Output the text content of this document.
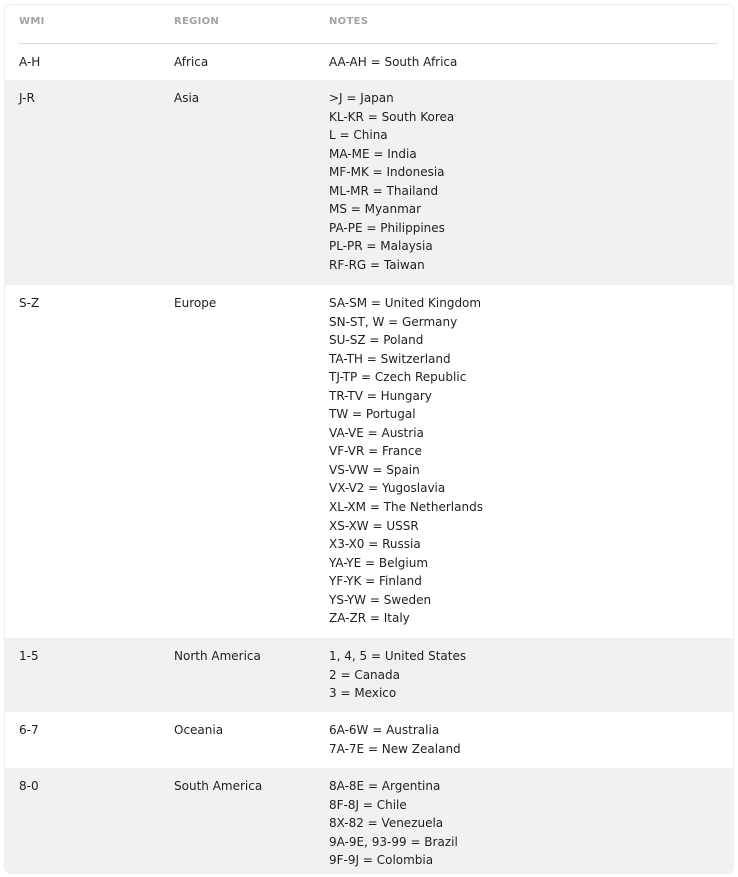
WMI	REGION	NOTES
A-H	Africa	AA-AH = South Africa
J-R	Asia	>J = Japan
KL-KR = South Korea
L = China
MA-ME = India
MF-MK = Indonesia
ML-MR = Thailand
MS = Myanmar
PA-PE = Philippines
PL-PR = Malaysia
RF-RG = Taiwan
S-Z	Europe	SA-SM = United Kingdom
SN-ST, W = Germany
SU-SZ = Poland
TA-TH = Switzerland
TJ-TP = Czech Republic
TR-TV = Hungary
TW = Portugal
VA-VE = Austria
VF-VR = France
VS-VW = Spain
VX-V2 = Yugoslavia
XL-XM = The Netherlands
XS-XW = USSR
X3-X0 = Russia
YA-YE = Belgium
YF-YK = Finland
YS-YW = Sweden
ZA-ZR = Italy
1-5	North America	1, 4, 5 = United States
2 = Canada
3 = Mexico
6-7	Oceania	6A-6W = Australia
7A-7E = New Zealand
8-0	South America	8A-8E = Argentina
8F-8J = Chile
8X-82 = Venezuela
9A-9E, 93-99 = Brazil
9F-9J = Colombia
